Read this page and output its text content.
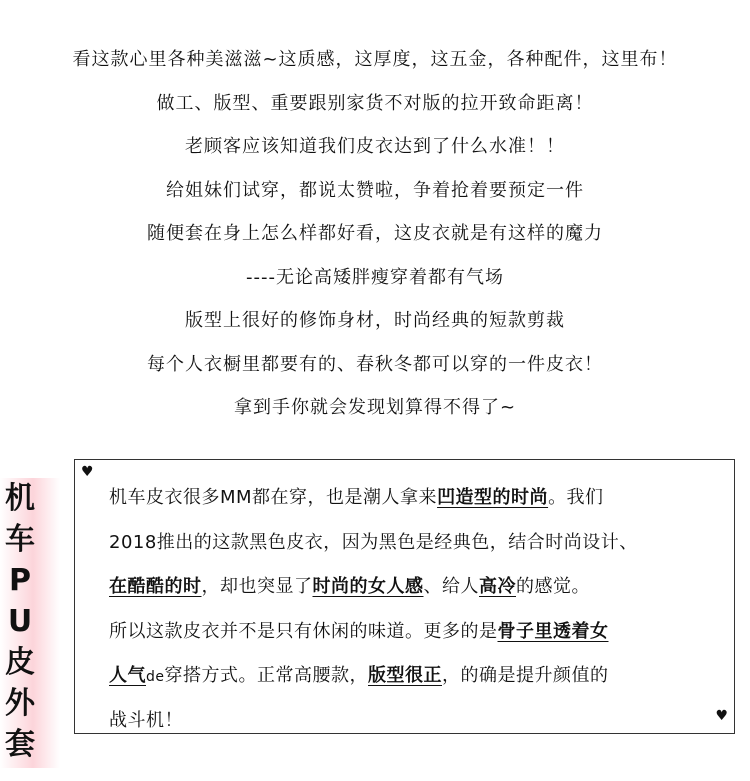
看这款心里各种美滋滋~这质感，这厚度，这五金，各种配件，这里布！
做工、版型、重要跟别家货不对版的拉开致命距离！
老顾客应该知道我们皮衣达到了什么水准！！
给姐妹们试穿，都说太赞啦，争着抢着要预定一件
随便套在身上怎么样都好看，这皮衣就是有这样的魔力
----无论高矮胖瘦穿着都有气场
版型上很好的修饰身材，时尚经典的短款剪裁
每个人衣橱里都要有的、春秋冬都可以穿的一件皮衣！
拿到手你就会发现划算得不得了~
机
车
P
U
皮
外
套
♥
机车皮衣很多MM都在穿，也是潮人拿来凹造型的时尚。我们
2018推出的这款黑色皮衣，因为黑色是经典色，结合时尚设计、
在酷酷的时，却也突显了时尚的女人感、给人高冷的感觉。
所以这款皮衣并不是只有休闲的味道。更多的是骨子里透着女
人气de穿搭方式。正常高腰款，版型很正，的确是提升颜值的
战斗机！	♥
